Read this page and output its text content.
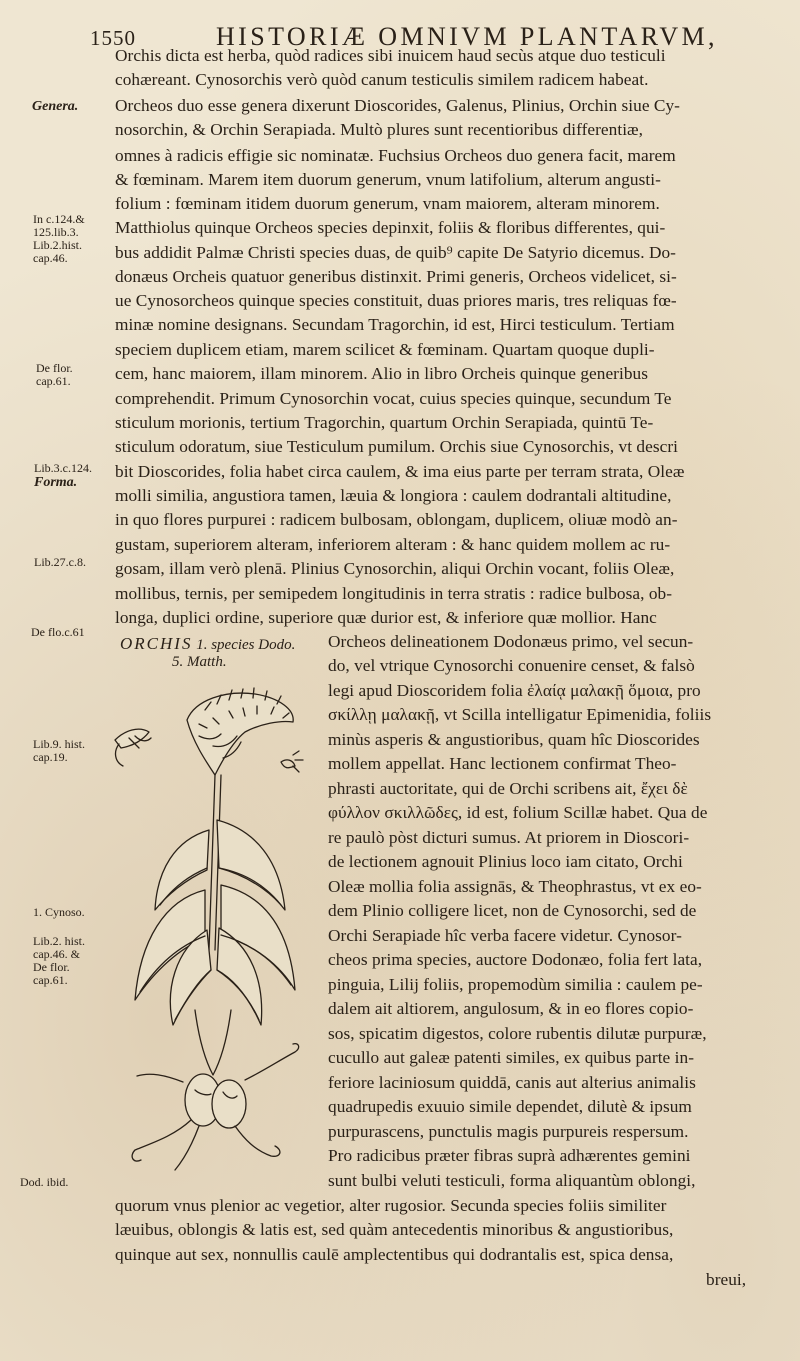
1550	HISTORIÆ OMNIVM PLANTARVM,
Genera.
In c.124.&
125.lib.3.
Lib.2.hist.
cap.46.
De flor.
cap.61.
Lib.3.c.124.
Forma.
Lib.27.c.8.
De flo.c.61
Lib.9. hist.
cap.19.
1. Cynoso.
Lib.2. hist.
cap.46. &
De flor.
cap.61.
Dod. ibid.
Orchis dicta est herba, quòd radices sibi inuicem haud secùs atque duo testiculi
cohæreant. Cynosorchis verò quòd canum testiculis similem radicem habeat.
Orcheos duo esse genera dixerunt Dioscorides, Galenus, Plinius, Orchin siue Cy-
nosorchin, & Orchin Serapiada. Multò plures sunt recentioribus differentiæ,
omnes à radicis effigie sic nominatæ. Fuchsius Orcheos duo genera facit, marem
& fœminam. Marem item duorum generum, vnum latifolium, alterum angusti-
folium : fœminam itidem duorum generum, vnam maiorem, alteram minorem.
Matthiolus quinque Orcheos species depinxit, foliis & floribus differentes, qui-
bus addidit Palmæ Christi species duas, de quib⁹ capite De Satyrio dicemus. Do-
donæus Orcheis quatuor generibus distinxit. Primi generis, Orcheos videlicet, si-
ue Cynosorcheos quinque species constituit, duas priores maris, tres reliquas fœ-
minæ nomine designans. Secundam Tragorchin, id est, Hirci testiculum. Tertiam
speciem duplicem etiam, marem scilicet & fœminam. Quartam quoque dupli-
cem, hanc maiorem, illam minorem. Alio in libro Orcheis quinque generibus
comprehendit. Primum Cynosorchin vocat, cuius species quinque, secundum Te
sticulum morionis, tertium Tragorchin, quartum Orchin Serapiada, quintū Te-
sticulum odoratum, siue Testiculum pumilum. Orchis siue Cynosorchis, vt descri
bit Dioscorides, folia habet circa caulem, & ima eius parte per terram strata, Oleæ
molli similia, angustiora tamen, læuia & longiora : caulem dodrantali altitudine,
in quo flores purpurei : radicem bulbosam, oblongam, duplicem, oliuæ modò an-
gustam, superiorem alteram, inferiorem alteram : & hanc quidem mollem ac ru-
gosam, illam verò plenā. Plinius Cynosorchin, aliqui Orchin vocant, foliis Oleæ,
mollibus, ternis, per semipedem longitudinis in terra stratis : radice bulbosa, ob-
longa, duplici ordine, superiore quæ durior est, & inferiore quæ mollior. Hanc
ORCHIS 1. species Dodo.
5. Matth.
Orcheos delineationem Dodonæus primo, vel secun-
do, vel vtrique Cynosorchi conuenire censet, & falsò
legi apud Dioscoridem folia ἐλαίᾳ μαλακῇ ὅμοια, pro
σκίλλῃ μαλακῇ, vt Scilla intelligatur Epimenidia, foliis
minùs asperis & angustioribus, quam hîc Dioscorides
mollem appellat. Hanc lectionem confirmat Theo-
phrasti auctoritate, qui de Orchi scribens ait, ἔχει δὲ
φύλλον σκιλλῶδες, id est, folium Scillæ habet. Qua de
re paulò pòst dicturi sumus. At priorem in Dioscori-
de lectionem agnouit Plinius loco iam citato, Orchi
Oleæ mollia folia assignās, & Theophrastus, vt ex eo-
dem Plinio colligere licet, non de Cynosorchi, sed de
Orchi Serapiade hîc verba facere videtur. Cynosor-
cheos prima species, auctore Dodonæo, folia fert lata,
pinguia, Lilij foliis, propemodùm similia : caulem pe-
dalem ait altiorem, angulosum, & in eo flores copio-
sos, spicatim digestos, colore rubentis dilutæ purpuræ,
cucullo aut galeæ patenti similes, ex quibus parte in-
feriore laciniosum quiddā, canis aut alterius animalis
quadrupedis exuuio simile dependet, dilutè & ipsum
purpurascens, punctulis magis purpureis respersum.
Pro radicibus præter fibras suprà adhærentes gemini
sunt bulbi veluti testiculi, forma aliquantùm oblongi,
quorum vnus plenior ac vegetior, alter rugosior. Secunda species foliis similiter
læuibus, oblongis & latis est, sed quàm antecedentis minoribus & angustioribus,
quinque aut sex, nonnullis caulē amplectentibus qui dodrantalis est, spica densa,
breui,
